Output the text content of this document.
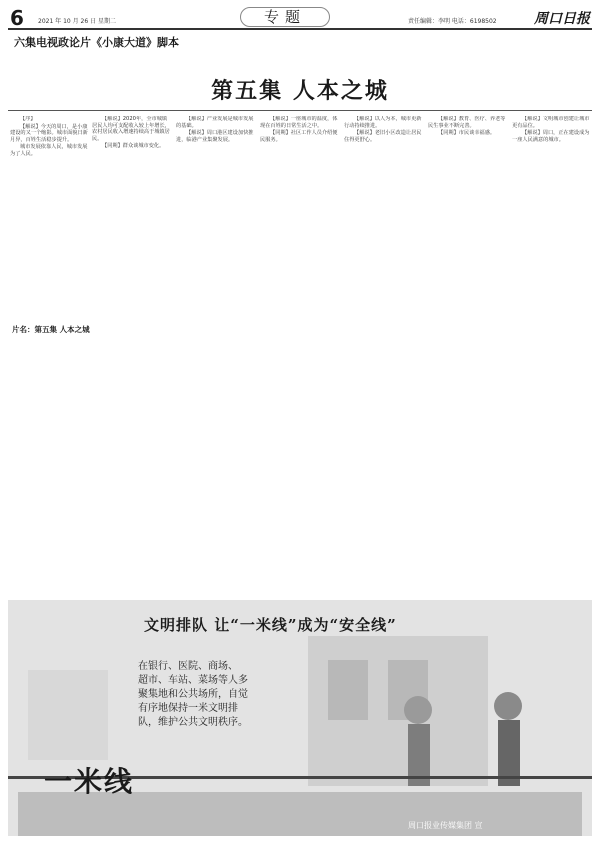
6 2021 年 10 月 26 日 星期二	专题	责任编辑：李明 电话：6198502	周口日报
六集电视政论片《小康大道》脚本
第五集 人本之城

【序】

【解说】今天的周口，是小康建设的又一个缩影。城市面貌日新月异，百姓生活稳步提升。

城市发展依靠人民，城市发展为了人民。

【解说】2020年，全市城镇居民人均可支配收入较上年增长，农村居民收入增速持续高于城镇居民。

【同期】群众谈城市变化。

【解说】产业发展是城市发展的基础。

【解说】周口港区建设加快推进，临港产业集聚发展。

【解说】一座城市的温度，体现在百姓的日常生活之中。

【同期】社区工作人员介绍便民服务。

【解说】以人为本，城市更新行动持续推进。

【解说】老旧小区改造让居民住得更舒心。

【解说】教育、医疗、养老等民生事业不断完善。

【同期】市民谈幸福感。

【解说】文明城市创建让城市更有品位。

【解说】周口，正在建设成为一座人民满意的城市。

片名：第五集 人本之城
文明排队 让“一米线”成为“安全线”
在银行、医院、商场、
超市、车站、菜场等人多
聚集地和公共场所，自觉
有序地保持一米文明排
队，维护公共文明秩序。
一米线
周口报业传媒集团 宣
